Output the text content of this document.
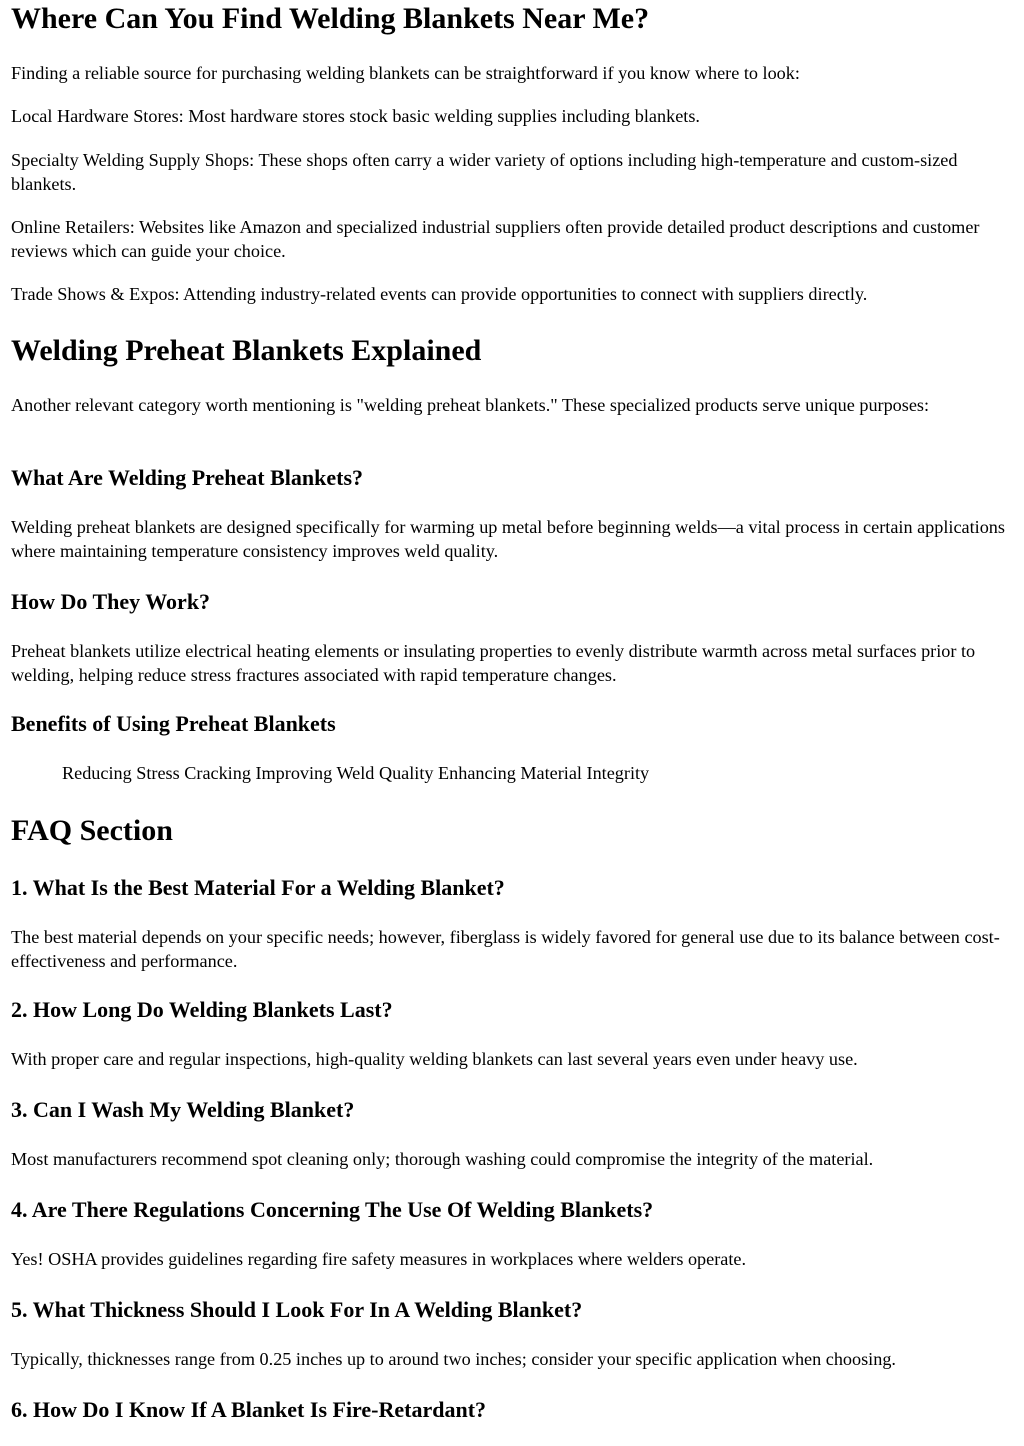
Where Can You Find Welding Blankets Near Me?

Finding a reliable source for purchasing welding blankets can be straightforward if you know where to look:

Local Hardware Stores: Most hardware stores stock basic welding supplies including blankets.

Specialty Welding Supply Shops: These shops often carry a wider variety of options including high-temperature and custom-sized blankets.

Online Retailers: Websites like Amazon and specialized industrial suppliers often provide detailed product descriptions and customer reviews which can guide your choice.

Trade Shows & Expos: Attending industry-related events can provide opportunities to connect with suppliers directly.

Welding Preheat Blankets Explained

Another relevant category worth mentioning is "welding preheat blankets." These specialized products serve unique purposes:

What Are Welding Preheat Blankets?

Welding preheat blankets are designed specifically for warming up metal before beginning welds—a vital process in certain applications where maintaining temperature consistency improves weld quality.

How Do They Work?

Preheat blankets utilize electrical heating elements or insulating properties to evenly distribute warmth across metal surfaces prior to welding, helping reduce stress fractures associated with rapid temperature changes.

Benefits of Using Preheat Blankets

Reducing Stress Cracking Improving Weld Quality Enhancing Material Integrity

FAQ Section
1. What Is the Best Material For a Welding Blanket?

The best material depends on your specific needs; however, fiberglass is widely favored for general use due to its balance between cost-effectiveness and performance.

2. How Long Do Welding Blankets Last?

With proper care and regular inspections, high-quality welding blankets can last several years even under heavy use.

3. Can I Wash My Welding Blanket?

Most manufacturers recommend spot cleaning only; thorough washing could compromise the integrity of the material.

4. Are There Regulations Concerning The Use Of Welding Blankets?

Yes! OSHA provides guidelines regarding fire safety measures in workplaces where welders operate.

5. What Thickness Should I Look For In A Welding Blanket?

Typically, thicknesses range from 0.25 inches up to around two inches; consider your specific application when choosing.

6. How Do I Know If A Blanket Is Fire-Retardant?
